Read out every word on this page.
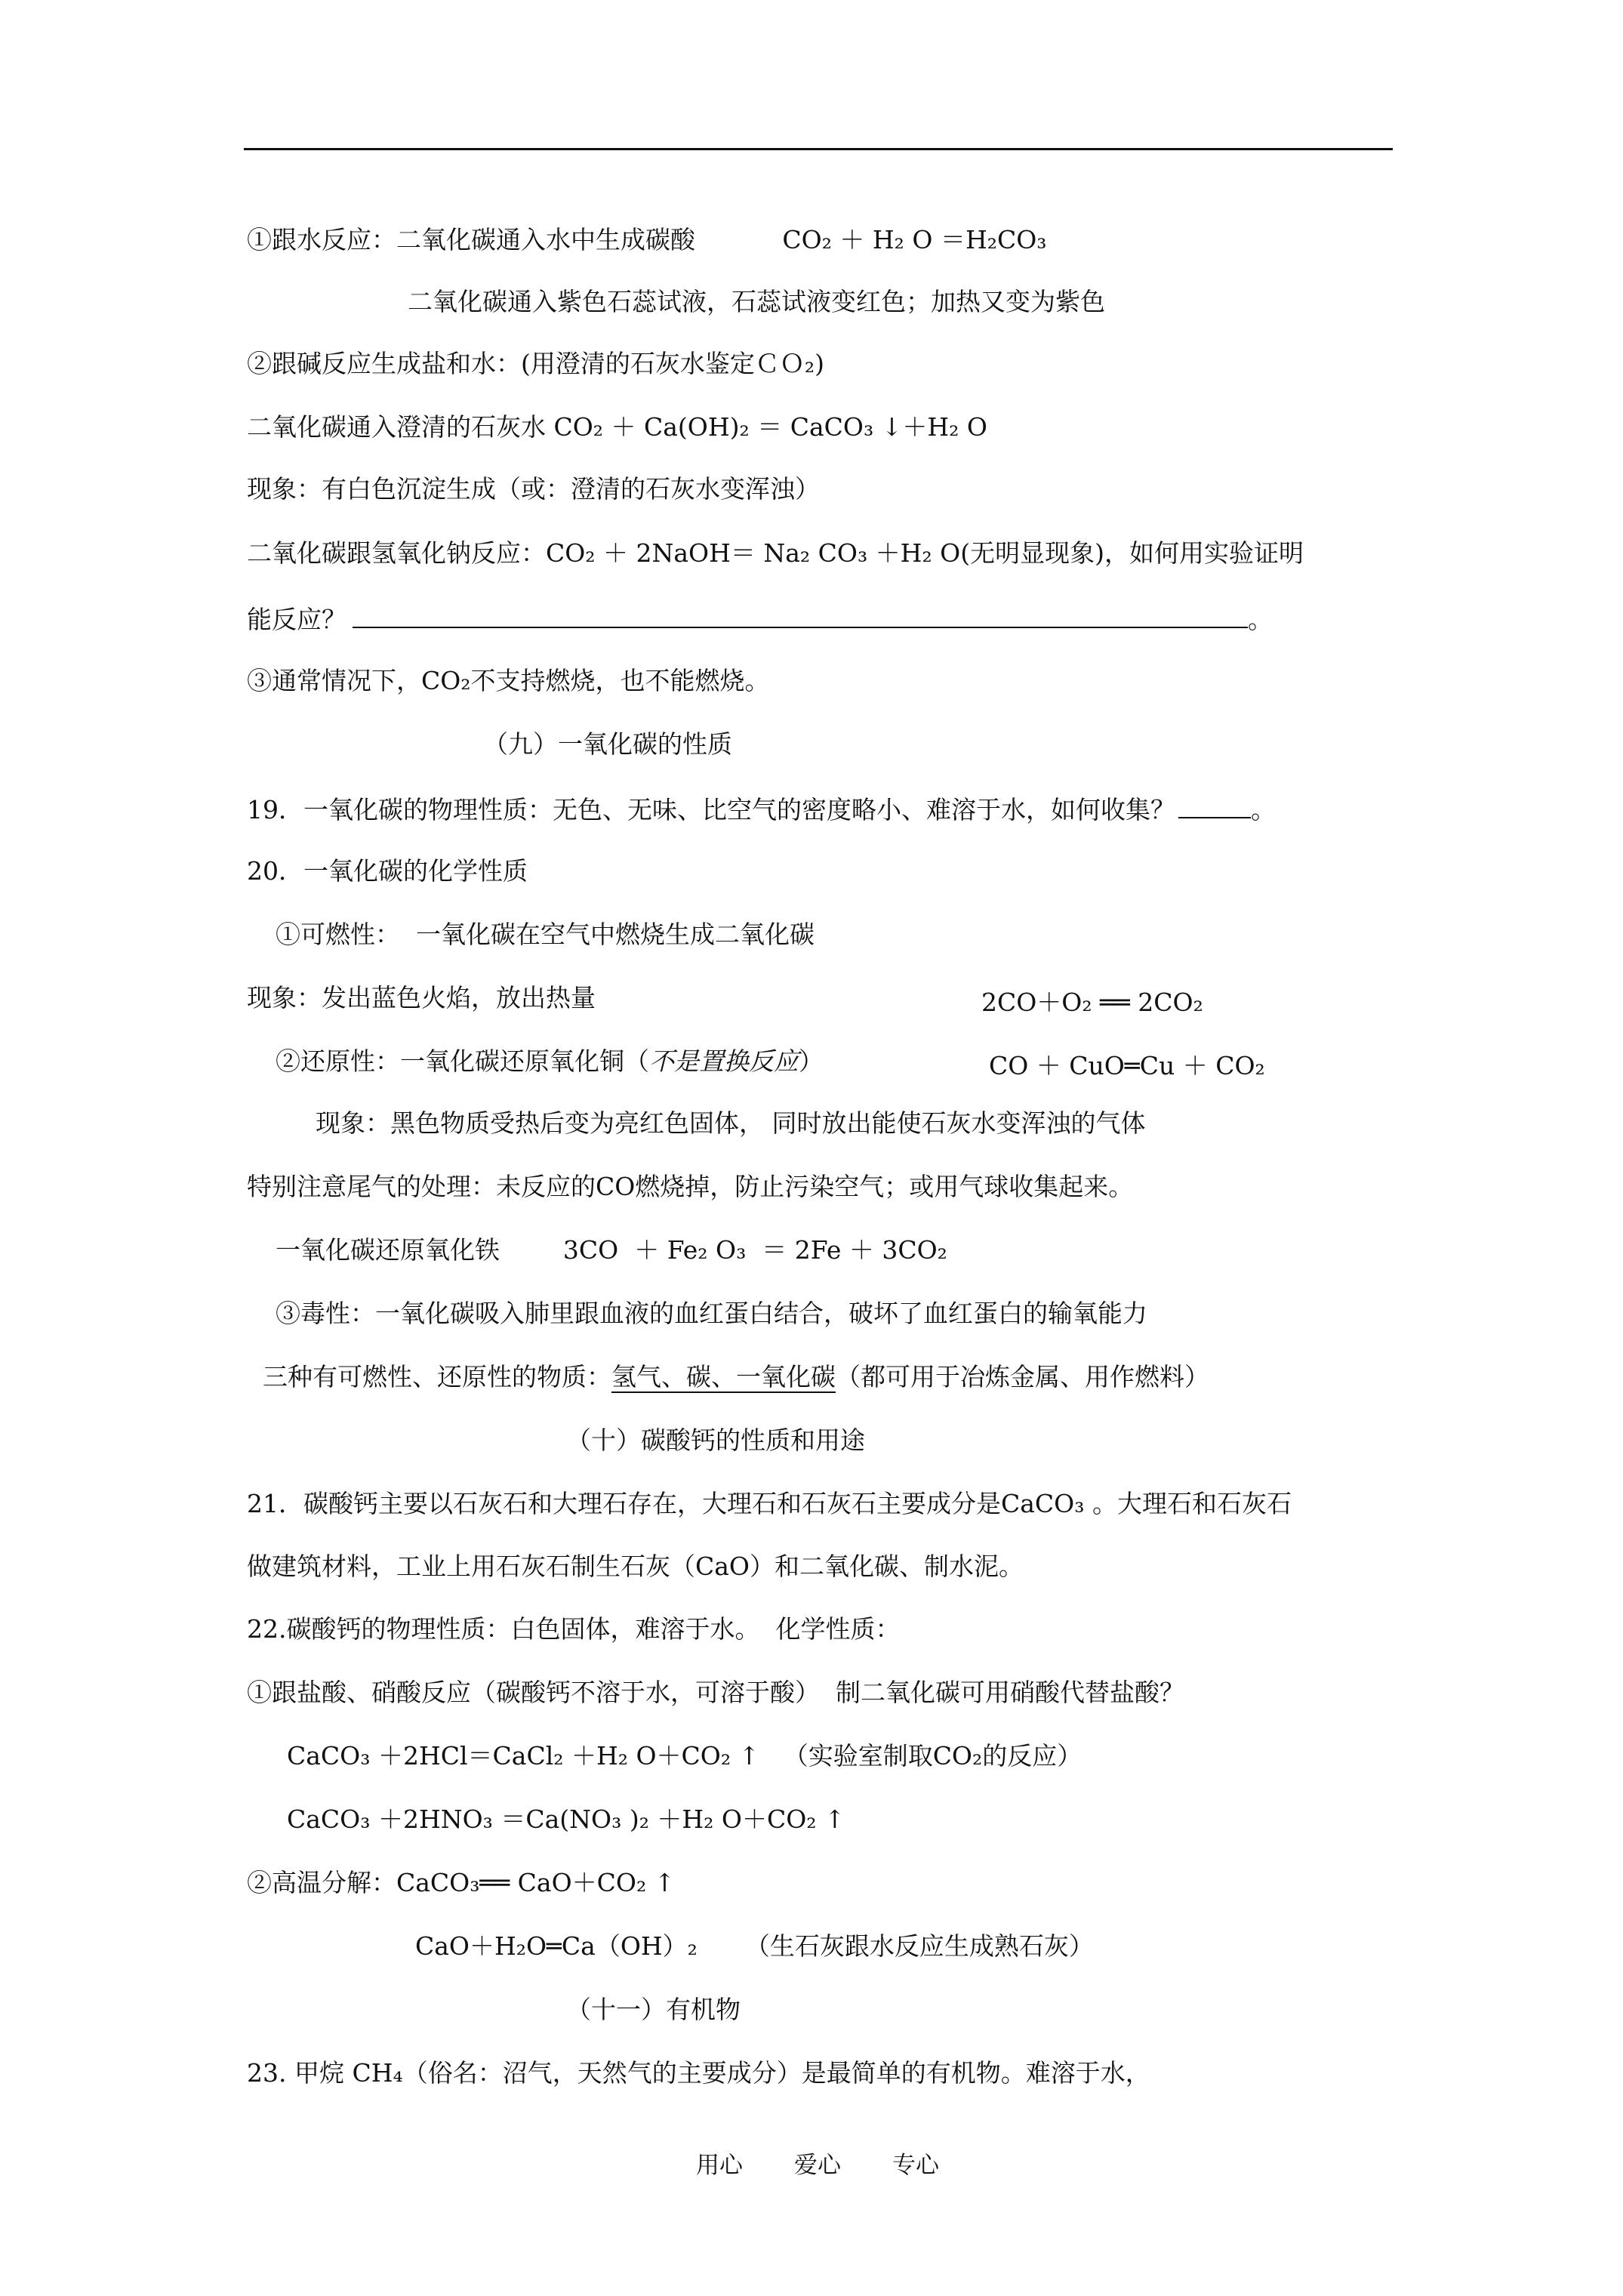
①跟水反应：二氧化碳通入水中生成碳酸	CO₂ ＋ H₂ O ＝H₂CO₃
二氧化碳通入紫色石蕊试液，石蕊试液变红色；加热又变为紫色
②跟碱反应生成盐和水：(用澄清的石灰水鉴定ＣＯ₂)
二氧化碳通入澄清的石灰水 CO₂ ＋ Ca(OH)₂ ＝ CaCO₃ ↓＋H₂ O
现象：有白色沉淀生成（或：澄清的石灰水变浑浊）
二氧化碳跟氢氧化钠反应：CO₂ ＋ 2NaOH＝ Na₂ CO₃ ＋H₂ O(无明显现象)，如何用实验证明
能反应？	。
③通常情况下，CO₂不支持燃烧，也不能燃烧。
（九）一氧化碳的性质
19．一氧化碳的物理性质：无色、无味、比空气的密度略小、难溶于水，如何收集？	。
20．一氧化碳的化学性质
①可燃性：  一氧化碳在空气中燃烧生成二氧化碳
现象：发出蓝色火焰，放出热量	2CO＋O₂ ══ 2CO₂
②还原性：一氧化碳还原氧化铜（不是置换反应）	CO ＋ CuO═Cu ＋ CO₂
现象：黑色物质受热后变为亮红色固体， 同时放出能使石灰水变浑浊的气体
特别注意尾气的处理：未反应的CO燃烧掉，防止污染空气；或用气球收集起来。
一氧化碳还原氧化铁	3CO  ＋ Fe₂ O₃  ＝ 2Fe ＋ 3CO₂
③毒性：一氧化碳吸入肺里跟血液的血红蛋白结合，破坏了血红蛋白的输氧能力
三种有可燃性、还原性的物质：氢气、碳、一氧化碳（都可用于冶炼金属、用作燃料）
（十）碳酸钙的性质和用途
21．碳酸钙主要以石灰石和大理石存在，大理石和石灰石主要成分是CaCO₃ 。大理石和石灰石
做建筑材料，工业上用石灰石制生石灰（CaO）和二氧化碳、制水泥。
22.碳酸钙的物理性质：白色固体，难溶于水。  化学性质：
①跟盐酸、硝酸反应（碳酸钙不溶于水，可溶于酸）  制二氧化碳可用硝酸代替盐酸？
CaCO₃ ＋2HCl＝CaCl₂ ＋H₂ O＋CO₂ ↑ （实验室制取CO₂的反应）
CaCO₃ ＋2HNO₃ ＝Ca(NO₃ )₂ ＋H₂ O＋CO₂ ↑
②高温分解：CaCO₃══ CaO＋CO₂ ↑
CaO＋H₂O═Ca（OH）₂ （生石灰跟水反应生成熟石灰）
（十一）有机物
23. 甲烷 CH₄（俗名：沼气，天然气的主要成分）是最简单的有机物。难溶于水，
用心 爱心 专心
